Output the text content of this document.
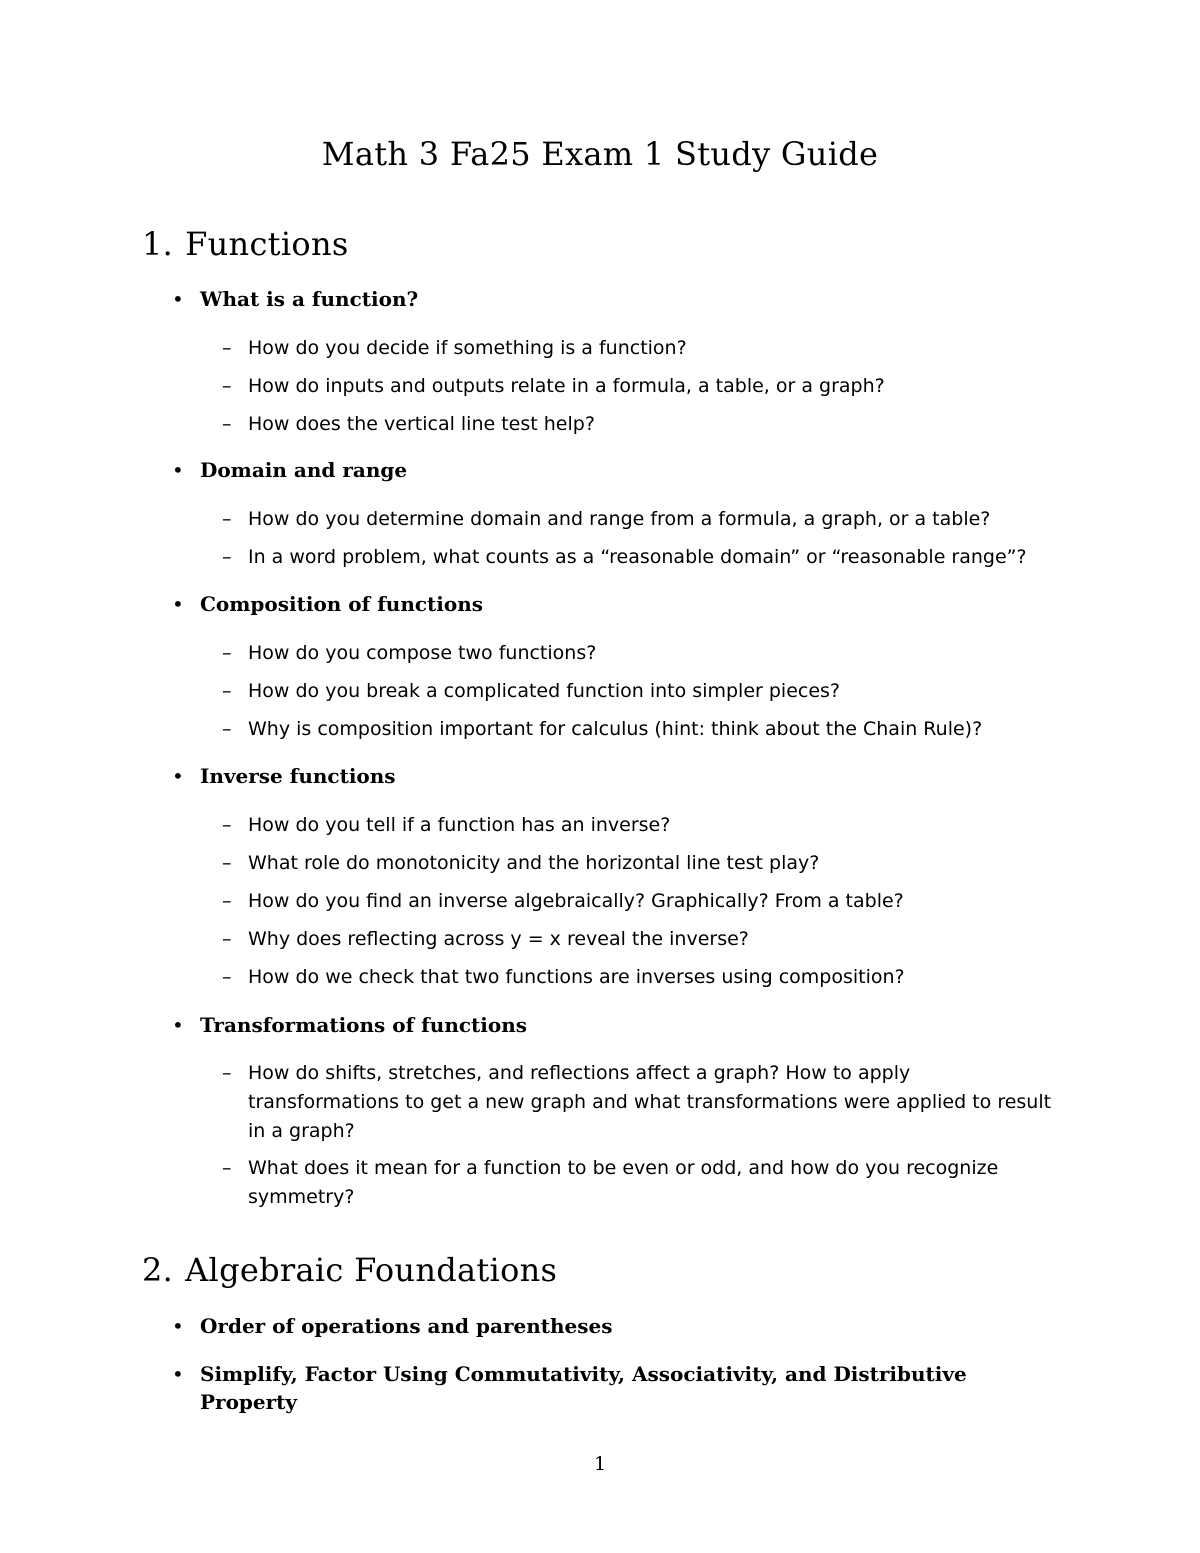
Math 3 Fa25 Exam 1 Study Guide
1. Functions
• What is a function?
– How do you decide if something is a function?
– How do inputs and outputs relate in a formula, a table, or a graph?
– How does the vertical line test help?
• Domain and range
– How do you determine domain and range from a formula, a graph, or a table?
– In a word problem, what counts as a “reasonable domain” or “reasonable range”?
• Composition of functions
– How do you compose two functions?
– How do you break a complicated function into simpler pieces?
– Why is composition important for calculus (hint: think about the Chain Rule)?
• Inverse functions
– How do you tell if a function has an inverse?
– What role do monotonicity and the horizontal line test play?
– How do you find an inverse algebraically? Graphically? From a table?
– Why does reflecting across y = x reveal the inverse?
– How do we check that two functions are inverses using composition?
• Transformations of functions
– How do shifts, stretches, and reflections affect a graph? How to apply transformations to get a new graph and what transformations were applied to result in a graph?
– What does it mean for a function to be even or odd, and how do you recognize symmetry?
2. Algebraic Foundations
• Order of operations and parentheses
• Simplify, Factor Using Commutativity, Associativity, and Distributive Property
1
